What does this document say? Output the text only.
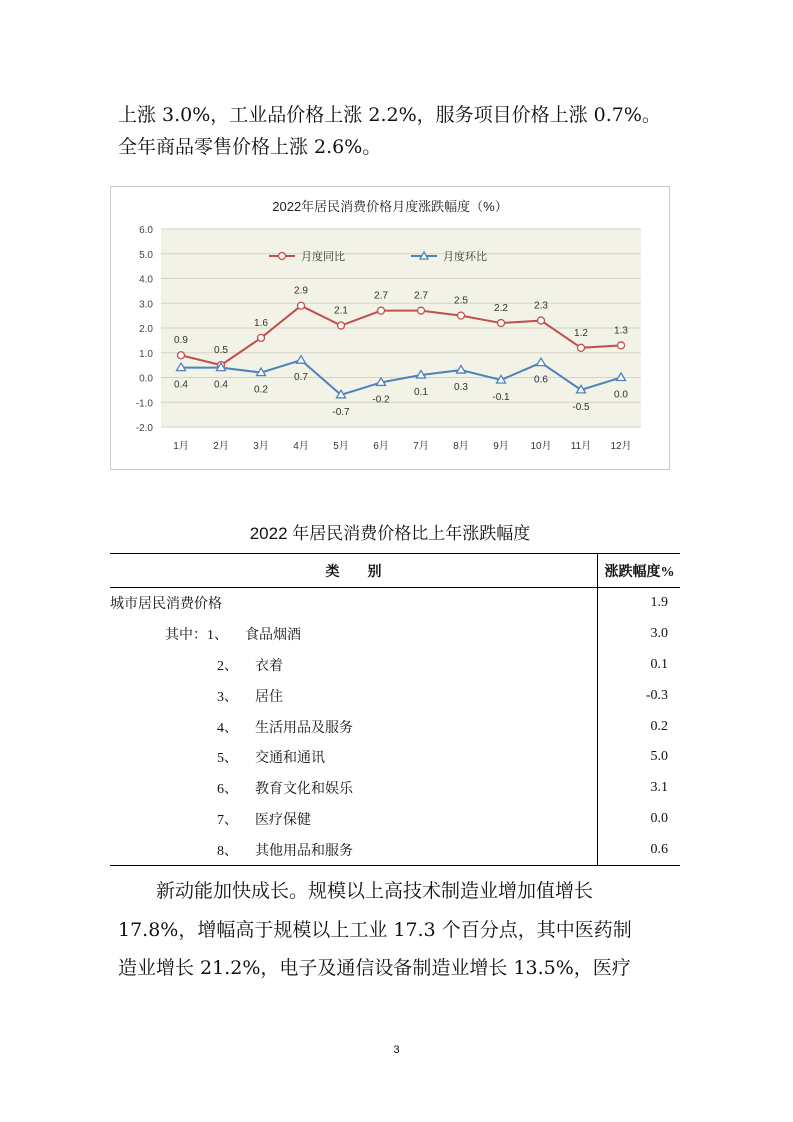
上涨 3.0%，工业品价格上涨 2.2%，服务项目价格上涨 0.7%。
全年商品零售价格上涨 2.6%。
2022年居民消费价格月度涨跌幅度（%）
6.0
5.0
4.0
3.0
2.0
1.0
0.0
-1.0
-2.0
1月 2月 3月 4月 5月 6月 7月 8月 9月 10月 11月 12月
月度同比	月度环比
0.9
0.5
1.6
2.9
2.1
2.7	2.7	2.5
2.2	2.3
1.2	1.3
0.4	0.4	0.2
0.7
-0.7
-0.2
0.1	0.3
-0.1
0.6
-0.5
0.0
2022 年居民消费价格比上年涨跌幅度
类　　别	涨跌幅度%
城市居民消费价格	1.9
其中：1、 食品烟酒	3.0
2、 衣着	0.1
3、 居住	-0.3
4、 生活用品及服务	0.2
5、 交通和通讯	5.0
6、 教育文化和娱乐	3.1
7、 医疗保健	0.0
8、 其他用品和服务	0.6
　　新动能加快成长。规模以上高技术制造业增加值增长
17.8%，增幅高于规模以上工业 17.3 个百分点，其中医药制
造业增长 21.2%，电子及通信设备制造业增长 13.5%，医疗
3
